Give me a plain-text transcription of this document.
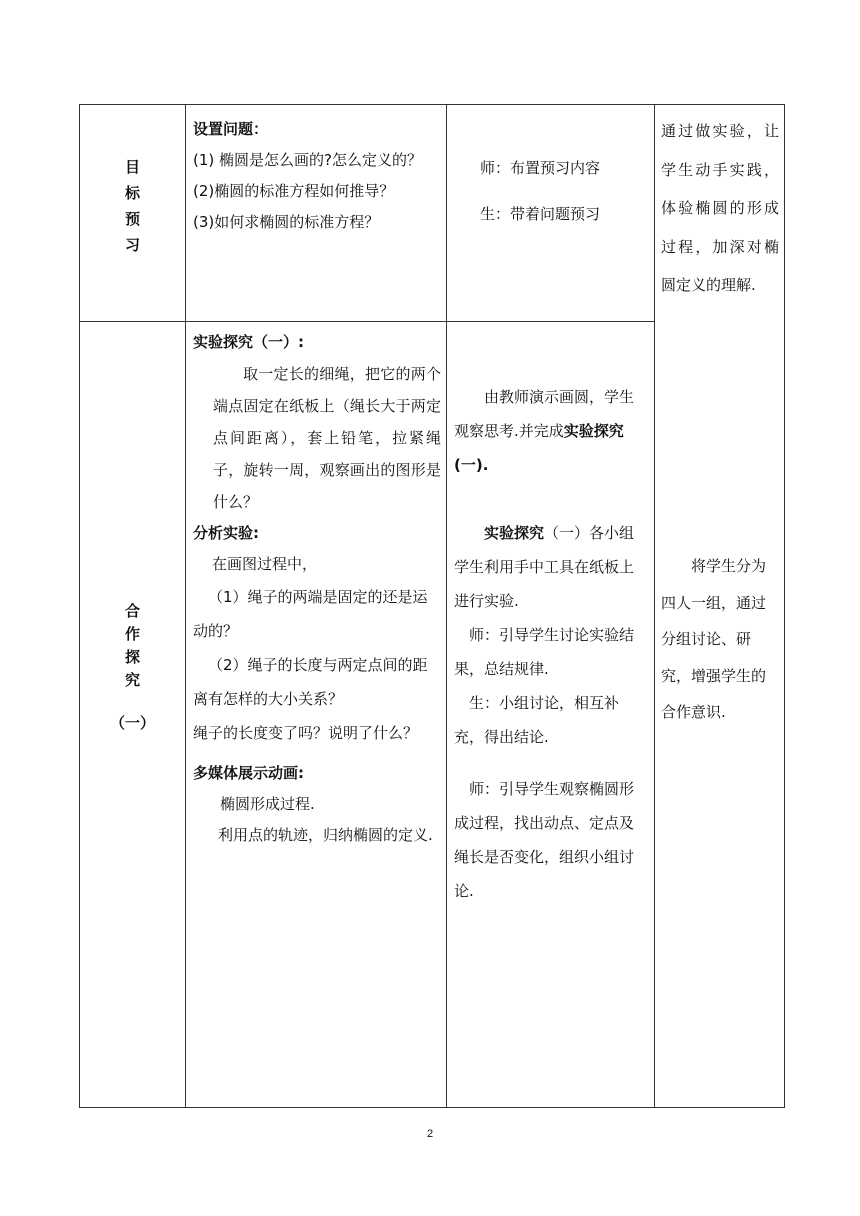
目
标
预
习

设置问题：

(1) 椭圆是怎么画的?怎么定义的？

(2)椭圆的标准方程如何推导？

(3)如何求椭圆的标准方程？

师：布置预习内容

生：带着问题预习

通过做实验，让学生动手实践，体验椭圆的形成过程，加深对椭圆定义的理解.

合
作
探
究
（一）

实验探究（一）:

取一定长的细绳，把它的两个端点固定在纸板上（绳长大于两定点间距离），套上铅笔，拉紧绳子，旋转一周，观察画出的图形是什么？

分析实验:

在画图过程中，

（1）绳子的两端是固定的还是运动的？

（2）绳子的长度与两定点间的距离有怎样的大小关系？

绳子的长度变了吗？说明了什么？

多媒体展示动画:

椭圆形成过程.

利用点的轨迹，归纳椭圆的定义.

由教师演示画圆，学生观察思考.并完成实验探究(一).

实验探究（一）各小组学生利用手中工具在纸板上进行实验.

师：引导学生讨论实验结果，总结规律.

生：小组讨论，相互补充，得出结论.

师：引导学生观察椭圆形成过程，找出动点、定点及绳长是否变化，组织小组讨论.

将学生分为四人一组，通过分组讨论、研究，增强学生的合作意识.

2
